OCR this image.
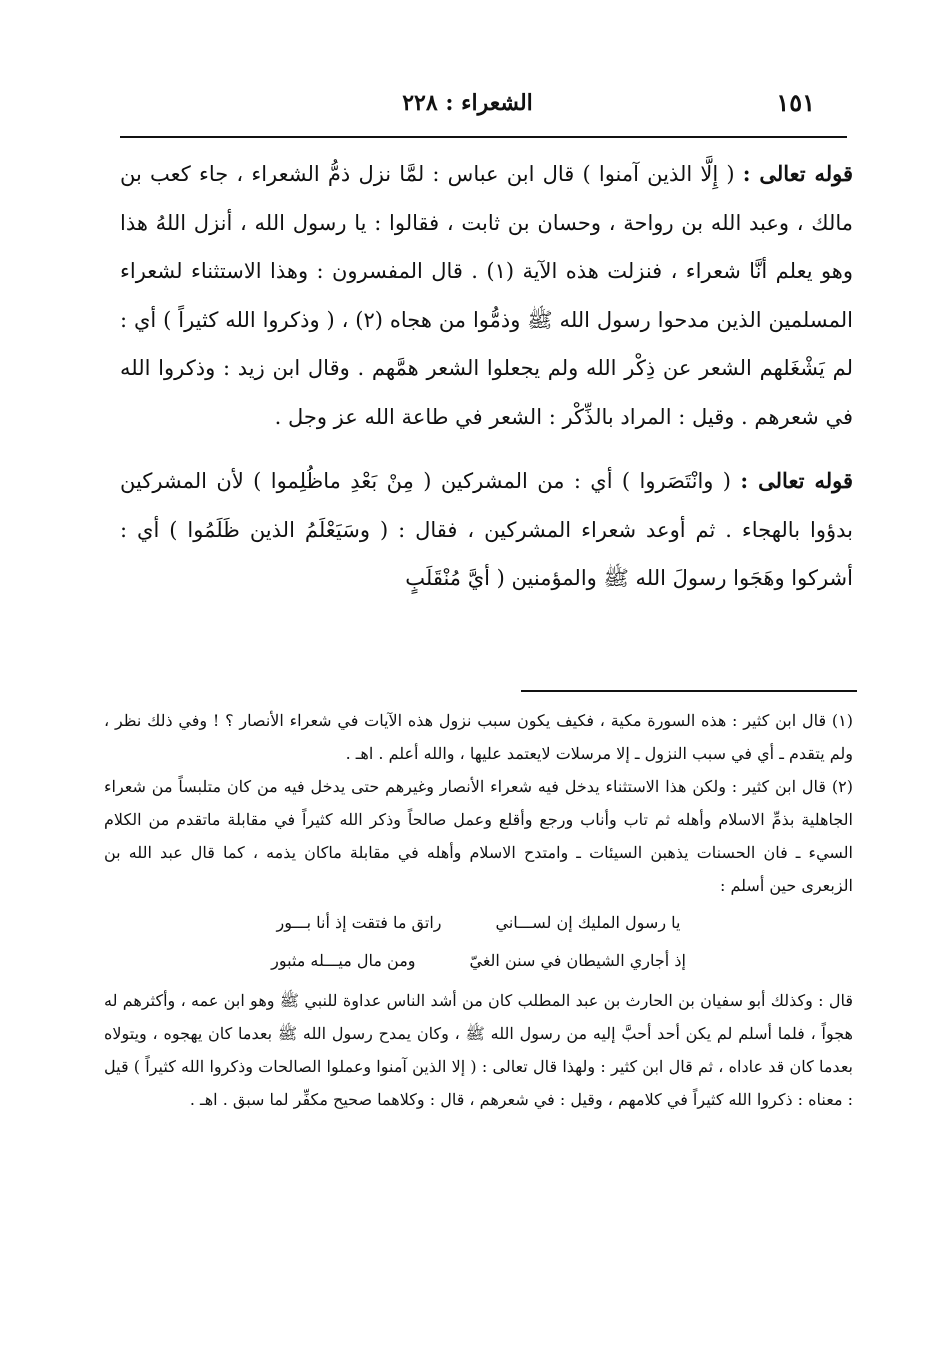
١٥١
الشعراء : ٢٢٨

قوله تعالى : ( إِلَّا الذين آمنوا ) قال ابن عباس : لمَّا نزل ذمُّ الشعراء ، جاء كعب بن مالك ، وعبد الله بن رواحة ، وحسان بن ثابت ، فقالوا : يا رسول الله ، أنزل اللهُ هذا وهو يعلم أنَّا شعراء ، فنزلت هذه الآية (١) . قال المفسرون : وهذا الاستثناء لشعراء المسلمين الذين مدحوا رسول الله ﷺ وذمُّوا من هجاه (٢) ، ( وذكروا الله كثيراً ) أي : لم يَشْغَلهم الشعر عن ذِكْر الله ولم يجعلوا الشعر همَّهم . وقال ابن زيد : وذكروا الله في شعرهم . وقيل : المراد بالذِّكْر : الشعر في طاعة الله عز وجل .

قوله تعالى : ( وانْتَصَروا ) أي : من المشركين ( مِنْ بَعْدِ ماظُلِموا ) لأن المشركين بدؤوا بالهجاء . ثم أوعد شعراء المشركين ، فقال : ( وسَيَعْلَمُ الذين ظَلَمُوا ) أي : أشركوا وهَجَوا رسولَ الله ﷺ والمؤمنين ( أيَّ مُنْقَلَبٍ

(١) قال ابن كثير : هذه السورة مكية ، فكيف يكون سبب نزول هذه الآيات في شعراء الأنصار ؟ ! وفي ذلك نظر ، ولم يتقدم ـ أي في سبب النزول ـ إلا مرسلات لايعتمد عليها ، والله أعلم . اهـ .

(٢) قال ابن كثير : ولكن هذا الاستثناء يدخل فيه شعراء الأنصار وغيرهم حتى يدخل فيه من كان متلبساً من شعراء الجاهلية بذمِّ الاسلام وأهله ثم تاب وأناب ورجع وأقلع وعمل صالحاً وذكر الله كثيراً في مقابلة ماتقدم من الكلام السيء ـ فان الحسنات يذهبن السيئات ـ وامتدح الاسلام وأهله في مقابلة ماكان يذمه ، كما قال عبد الله بن الزبعرى حين أسلم :

يا رسول المليك إن لســـاني
راتق ما فتقت إذ أنا بـــور
إذ أجاري الشيطان في سنن الغيّ
ومن مال ميـــله مثبور

قال : وكذلك أبو سفيان بن الحارث بن عبد المطلب كان من أشد الناس عداوة للنبي ﷺ وهو ابن عمه ، وأكثرهم له هجواً ، فلما أسلم لم يكن أحد أحبَّ إليه من رسول الله ﷺ ، وكان يمدح رسول الله ﷺ بعدما كان يهجوه ، ويتولاه بعدما كان قد عاداه ، ثم قال ابن كثير : ولهذا قال تعالى : ( إلا الذين آمنوا وعملوا الصالحات وذكروا الله كثيراً ) قيل : معناه : ذكروا الله كثيراً في كلامهم ، وقيل : في شعرهم ، قال : وكلاهما صحيح مكفِّر لما سبق . اهـ .
